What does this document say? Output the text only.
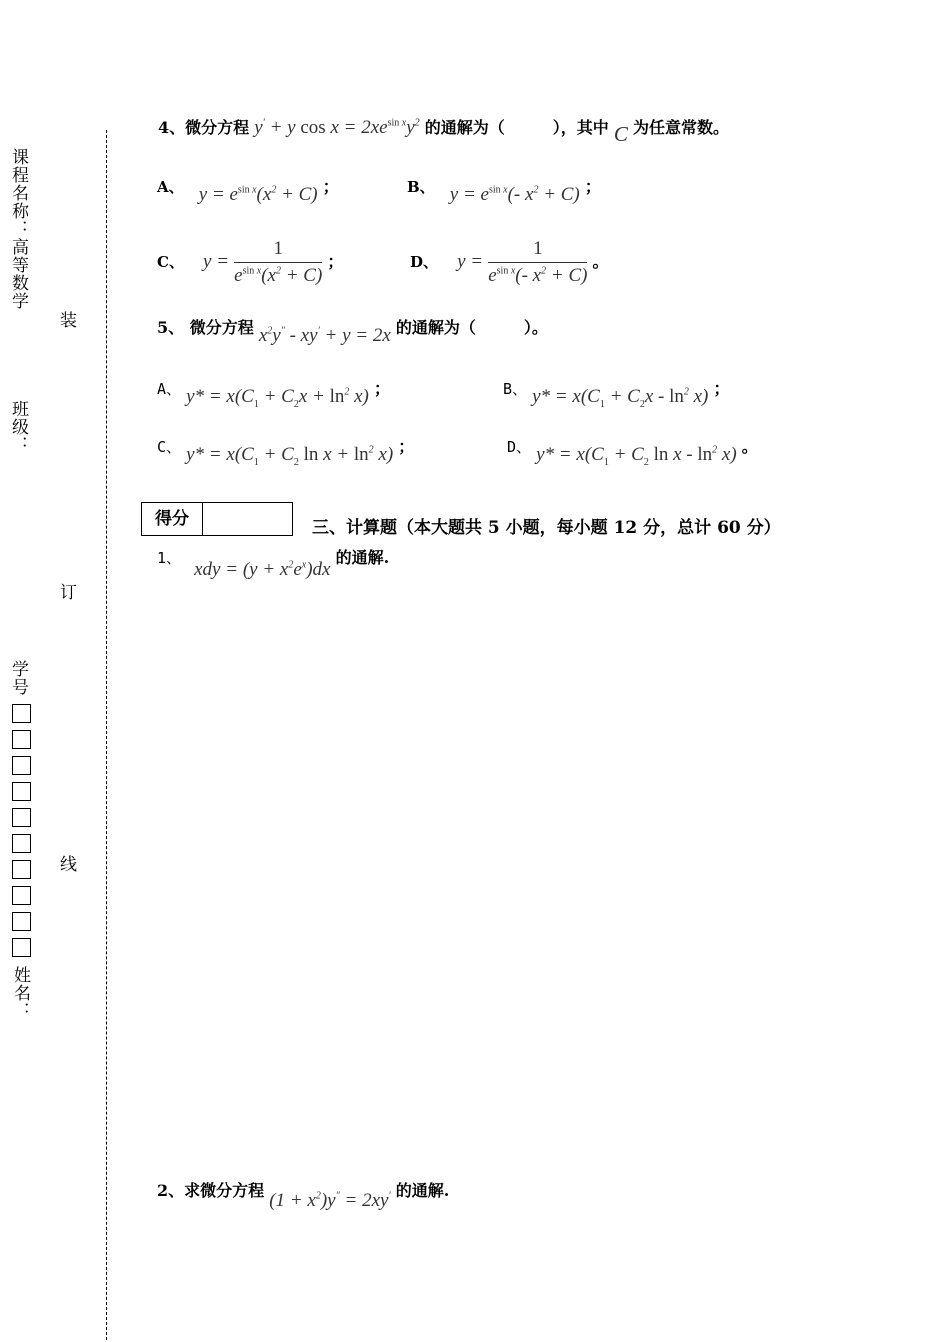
课程名称：
高等数学
班级：
学号
姓名：
装
订
线
4、微分方程 y′ + y $\cos x = 2xe^{sin x}y^2$ 的通解为（　　　），其中 C 为任意常数。
A、 $y = e^{sin x}(x^2 + C)$ ；	B、 $y = e^{sin x}(-$ $x^2 + C$) ；
C、 $y = \frac{1}{e^{sin x}(x^2 + C)}$ ；	D、 $y = \frac{1}{e^{sin x}(- x^2 + C)}$ 。
5、 微分方程 $x^2y'' - xy' + y = 2x$ 的通解为（　　　）。
A、 $y* = x(C_1 + C_2x + \ln^2 x)$ ；	B、 $y* = x(C_1 + C_2x - \ln^2 x)$ ；
C、 $y* = x(C_1 + C_2$ $\ln x + \ln^2 x$) ；	D、 $y* = x(C_1 + C_2$ ln x - $\ln^2 x$) 。
得分	三、计算题（本大题共 5 小题，每小题 12 分，总计 60 分）
1、 xdy = $(y + x^2e^x)dx$ 的通解.
2、求微分方程 $(1 + x^2)y'' = 2xy'$ 的通解.
